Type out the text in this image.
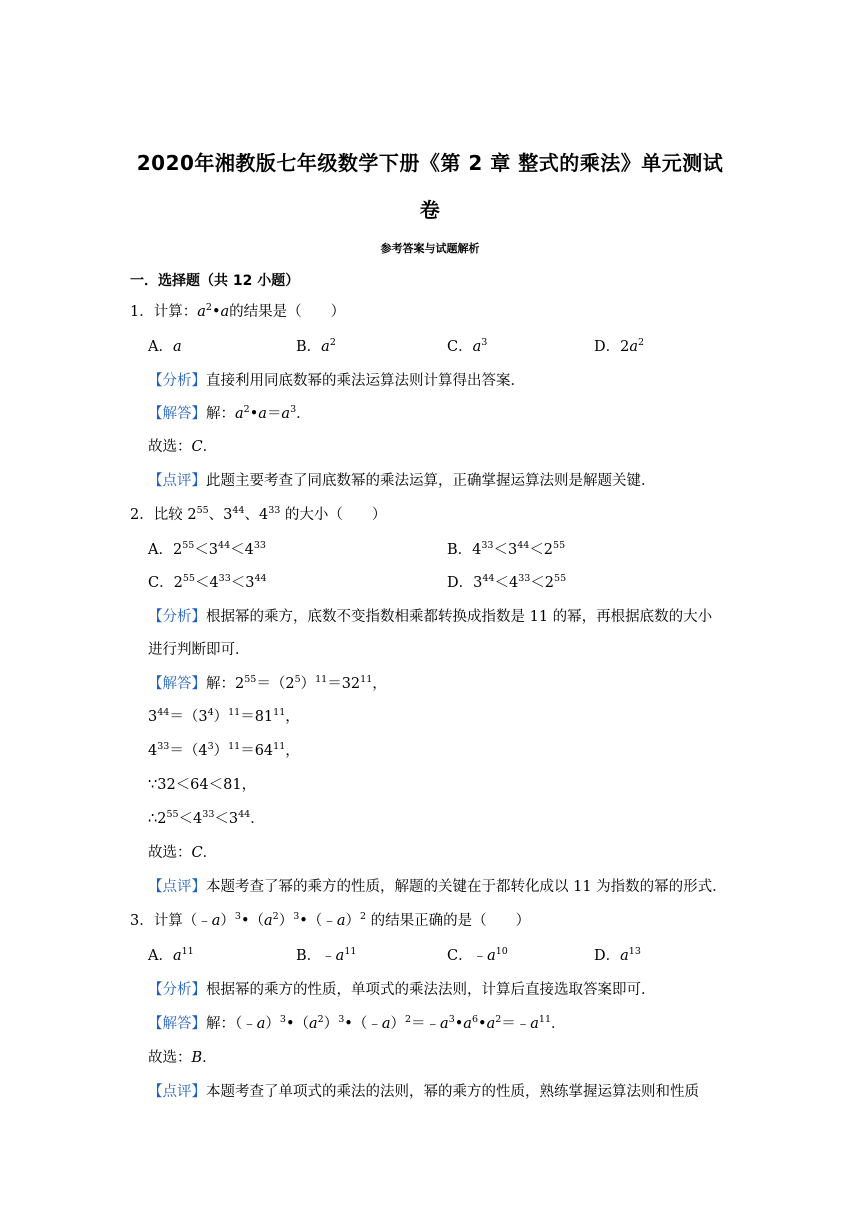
2020年湘教版七年级数学下册《第 2 章 整式的乘法》单元测试
卷
参考答案与试题解析
一．选择题（共 12 小题）
1．计算：$a^2•a$的结果是（　　）
A．a	B．$a^2$	C．$a^3$	D．$2a^2$
【分析】直接利用同底数幂的乘法运算法则计算得出答案．
【解答】解：$a^2•a=a^3$．
故选：C．
【点评】此题主要考查了同底数幂的乘法运算，正确掌握运算法则是解题关键．
2．比较 $2^{55}$、$3^{44}$、$4^{33}$ 的大小（　　）
A．$2^{55}<3^{44}<4^{33}$	B．$4^{33}<3^{44}<2^{55}$
C．$2^{55}<4^{33}<3^{44}$	D．$3^{44}<4^{33}<2^{55}$
【分析】根据幂的乘方，底数不变指数相乘都转换成指数是 11 的幂，再根据底数的大小
进行判断即可．
【解答】解：$2^{55}=(2^5)^{11}=32^{11}$，
$3^{44}=(3^4)^{11}=81^{11}$，
$4^{33}=(4^3)^{11}=64^{11}$，
∵32＜64＜81，
$\therefore 2^{55}<4^{33}<3^{44}$．
故选：C．
【点评】本题考查了幂的乘方的性质，解题的关键在于都转化成以 11 为指数的幂的形式．
3．计算$(﹣a)^3•(a^2)^3•(﹣a)^2$ 的结果正确的是（　　）
A．$a^{11}$	B．$﹣a^{11}$	C．$﹣a^{10}$	D．$a^{13}$
【分析】根据幂的乘方的性质，单项式的乘法法则，计算后直接选取答案即可．
【解答】解：$(﹣a)^3•(a^2)^3•(﹣a)^2=﹣a^3•a^6•a^2=﹣a^{11}$．
故选：B．
【点评】本题考查了单项式的乘法的法则，幂的乘方的性质，熟练掌握运算法则和性质
